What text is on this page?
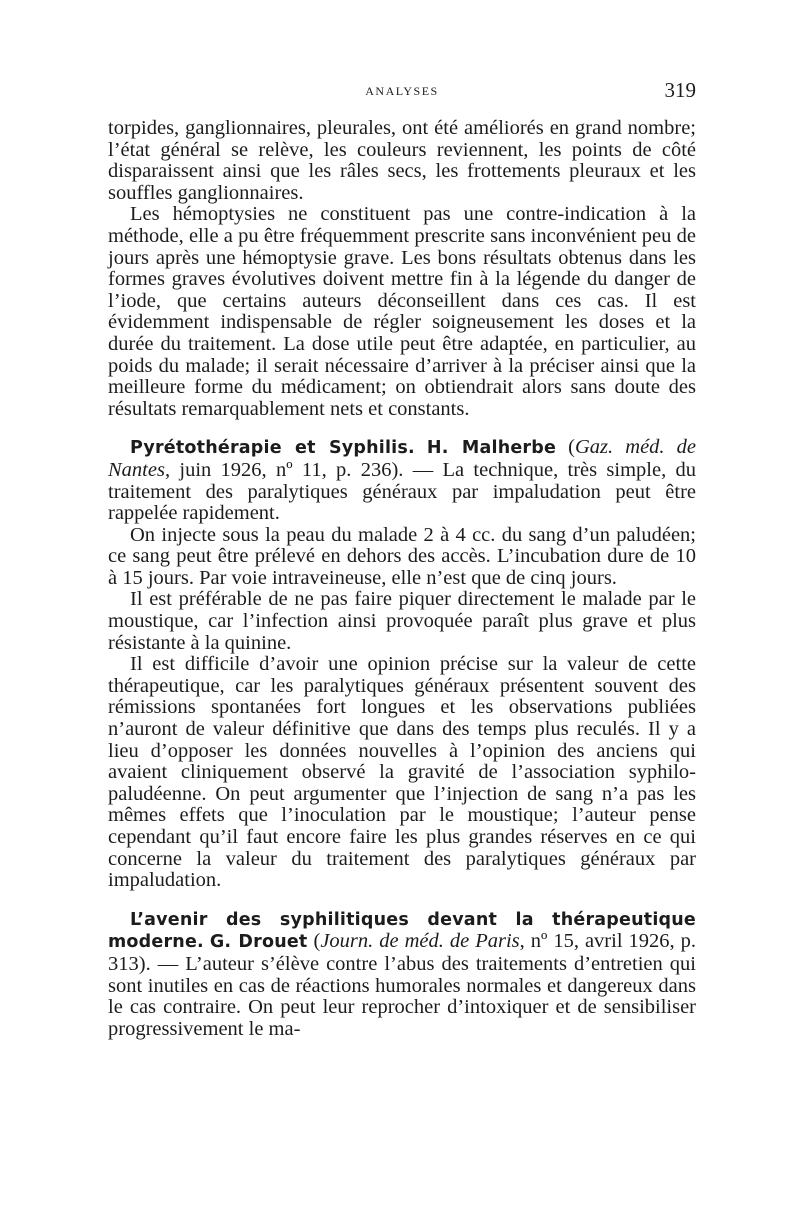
ANALYSES	319

torpides, ganglionnaires, pleurales, ont été améliorés en grand nombre; l’état général se relève, les couleurs reviennent, les points de côté disparaissent ainsi que les râles secs, les frottements pleuraux et les souffles ganglionnaires.

Les hémoptysies ne constituent pas une contre-indication à la méthode, elle a pu être fréquemment prescrite sans inconvénient peu de jours après une hémoptysie grave. Les bons résultats obtenus dans les formes graves évolutives doivent mettre fin à la légende du danger de l’iode, que certains auteurs déconseillent dans ces cas. Il est évidemment indispensable de régler soigneusement les doses et la durée du traitement. La dose utile peut être adaptée, en particulier, au poids du malade; il serait nécessaire d’arriver à la préciser ainsi que la meilleure forme du médicament; on obtiendrait alors sans doute des résultats remarquablement nets et constants.

Pyrétothérapie et Syphilis. H. Malherbe (Gaz. méd. de Nantes, juin 1926, nº 11, p. 236). — La technique, très simple, du traitement des paralytiques généraux par impaludation peut être rappelée rapidement.

On injecte sous la peau du malade 2 à 4 cc. du sang d’un paludéen; ce sang peut être prélevé en dehors des accès. L’incubation dure de 10 à 15 jours. Par voie intraveineuse, elle n’est que de cinq jours.

Il est préférable de ne pas faire piquer directement le malade par le moustique, car l’infection ainsi provoquée paraît plus grave et plus résistante à la quinine.

Il est difficile d’avoir une opinion précise sur la valeur de cette thérapeutique, car les paralytiques généraux présentent souvent des rémissions spontanées fort longues et les observations publiées n’auront de valeur définitive que dans des temps plus reculés. Il y a lieu d’opposer les données nouvelles à l’opinion des anciens qui avaient cliniquement observé la gravité de l’association syphilo-paludéenne. On peut argumenter que l’injection de sang n’a pas les mêmes effets que l’inoculation par le moustique; l’auteur pense cependant qu’il faut encore faire les plus grandes réserves en ce qui concerne la valeur du traitement des paralytiques généraux par impaludation.

L’avenir des syphilitiques devant la thérapeutique moderne. G. Drouet (Journ. de méd. de Paris, nº 15, avril 1926, p. 313). — L’auteur s’élève contre l’abus des traitements d’entretien qui sont inutiles en cas de réactions humorales normales et dangereux dans le cas contraire. On peut leur reprocher d’intoxiquer et de sensibiliser progressivement le ma-
